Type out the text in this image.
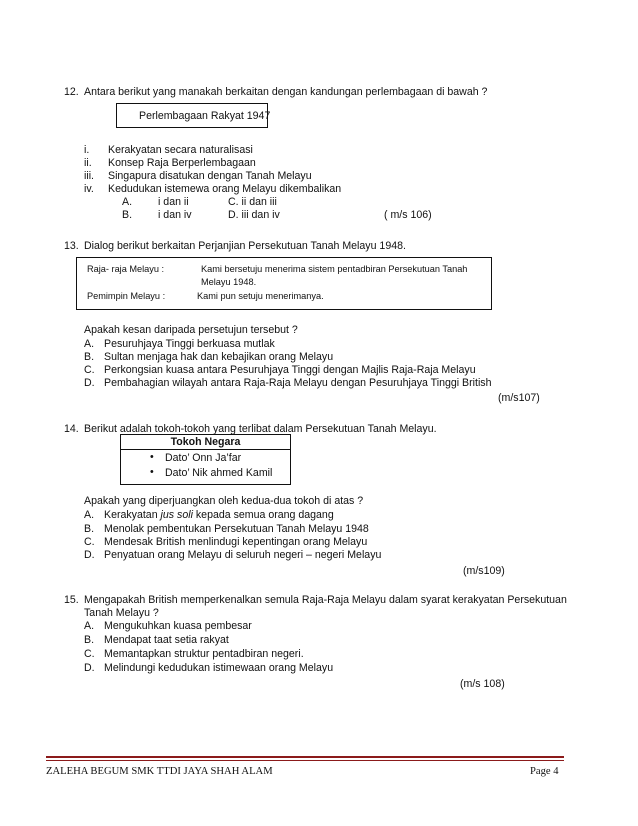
12. Antara berikut yang manakah berkaitan dengan kandungan perlembagaan di bawah ?
Perlembagaan Rakyat 1947
i. Kerakyatan secara naturalisasi
ii. Konsep Raja Berperlembagaan
iii. Singapura disatukan dengan Tanah Melayu
iv. Kedudukan istemewa orang Melayu dikembalikan
A. i dan ii	C. ii dan iii
B. i dan iv	D. iii dan iv	( m/s 106)
13. Dialog berikut berkaitan Perjanjian Persekutuan Tanah Melayu 1948.
Raja- raja Melayu :	Kami bersetuju menerima sistem pentadbiran Persekutuan Tanah
Melayu 1948.
Pemimpin Melayu :	Kami pun setuju menerimanya.
Apakah kesan daripada persetujun tersebut ?
A. Pesuruhjaya Tinggi berkuasa mutlak
B. Sultan menjaga hak dan kebajikan orang Melayu
C. Perkongsian kuasa antara Pesuruhjaya Tinggi dengan Majlis Raja-Raja Melayu
D. Pembahagian wilayah antara Raja-Raja Melayu dengan Pesuruhjaya Tinggi British
(m/s107)
14. Berikut adalah tokoh-tokoh yang terlibat dalam Persekutuan Tanah Melayu.
Tokoh Negara
• Dato’ Onn Ja’far
• Dato’ Nik ahmed Kamil
Apakah yang diperjuangkan oleh kedua-dua tokoh di atas ?
A. Kerakyatan jus soli kepada semua orang dagang
B. Menolak pembentukan Persekutuan Tanah Melayu 1948
C. Mendesak British menlindugi kepentingan orang Melayu
D. Penyatuan orang Melayu di seluruh negeri – negeri Melayu
(m/s109)
15. Mengapakah British memperkenalkan semula Raja-Raja Melayu dalam syarat kerakyatan Persekutuan
Tanah Melayu ?
A. Mengukuhkan kuasa pembesar
B. Mendapat taat setia rakyat
C. Memantapkan struktur pentadbiran negeri.
D. Melindungi kedudukan istimewaan orang Melayu
(m/s 108)
ZALEHA BEGUM SMK TTDI JAYA SHAH ALAM	Page 4
